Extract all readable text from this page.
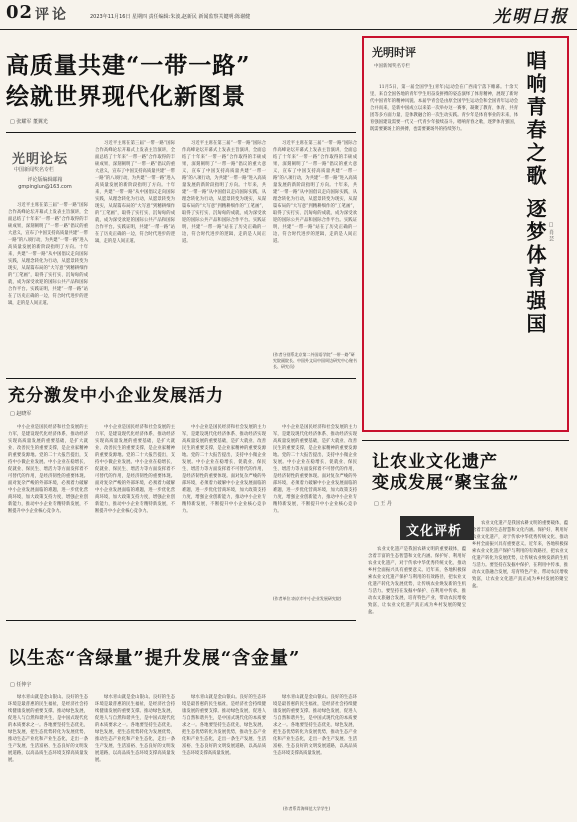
02 评论	2023年11月16日 星期四 责任编辑:朱波,赵新民 新闻监察关键明:陈谢健	光明日报
高质量共建“一带一路”
绘就世界现代化新图景
□ 张耀军 董翼光
光明论坛
中国新闻奖名专栏
评论版编辑邮箱
gmpinglun@163.com
习近平主席在第三届“一带一路”国际合作高峰论坛开幕式上发表主旨演讲，全面总结了十年来“一带一路”合作取得的丰硕成果，深刻阐明了“一带一路”倡议的重大意义，宣布了中国支持高质量共建“一带一路”的八项行动，为共建“一带一路”进入高质量发展的新阶段指明了方向。十年来，共建“一带一路”从中国倡议走向国际实践，从理念转化为行动，从愿景转变为现实，从谋篇布局的“大写意”到精耕细作的“工笔画”，取得了实打实、沉甸甸的成就，成为深受欢迎的国际公共产品和国际合作平台。实践证明，共建“一带一路”站在了历史正确的一边，符合时代进步的逻辑，走的是人间正道。
习近平主席在第三届“一带一路”国际合作高峰论坛开幕式上发表主旨演讲，全面总结了十年来“一带一路”合作取得的丰硕成果，深刻阐明了“一带一路”倡议的重大意义，宣布了中国支持高质量共建“一带一路”的八项行动，为共建“一带一路”进入高质量发展的新阶段指明了方向。十年来，共建“一带一路”从中国倡议走向国际实践，从理念转化为行动，从愿景转变为现实，从谋篇布局的“大写意”到精耕细作的“工笔画”，取得了实打实、沉甸甸的成就，成为深受欢迎的国际公共产品和国际合作平台。实践证明，共建“一带一路”站在了历史正确的一边，符合时代进步的逻辑，走的是人间正道。
习近平主席在第三届“一带一路”国际合作高峰论坛开幕式上发表主旨演讲，全面总结了十年来“一带一路”合作取得的丰硕成果，深刻阐明了“一带一路”倡议的重大意义，宣布了中国支持高质量共建“一带一路”的八项行动，为共建“一带一路”进入高质量发展的新阶段指明了方向。十年来，共建“一带一路”从中国倡议走向国际实践，从理念转化为行动，从愿景转变为现实，从谋篇布局的“大写意”到精耕细作的“工笔画”，取得了实打实、沉甸甸的成就，成为深受欢迎的国际公共产品和国际合作平台。实践证明，共建“一带一路”站在了历史正确的一边，符合时代进步的逻辑，走的是人间正道。
习近平主席在第三届“一带一路”国际合作高峰论坛开幕式上发表主旨演讲，全面总结了十年来“一带一路”合作取得的丰硕成果，深刻阐明了“一带一路”倡议的重大意义，宣布了中国支持高质量共建“一带一路”的八项行动，为共建“一带一路”进入高质量发展的新阶段指明了方向。十年来，共建“一带一路”从中国倡议走向国际实践，从理念转化为行动，从愿景转变为现实，从谋篇布局的“大写意”到精耕细作的“工笔画”，取得了实打实、沉甸甸的成就，成为深受欢迎的国际公共产品和国际合作平台。实践证明，共建“一带一路”站在了历史正确的一边，符合时代进步的逻辑，走的是人间正道。
(作者分别系北京第二外国语学院“一带一路”研究院副院长、中国外文局中国周边研究中心秘书长、研究员)
光明时评
中国新闻奖名专栏	唱响青春之歌 逐梦体育强国 □ 肖 芸
11月5日，第一届全国学生(青年)运动会在广西南宁落下帷幕。十余天里，来自全国各地的青年学生用奋发拼搏的姿态演绎了体育精神，展现了新时代中国青年的精神风貌。本届学青会是由原全国学生运动会和全国青年运动会合并而来，是新中国成立以来第一次举办这一赛事，凝聚了教育、体育、共青团等多方面力量，是体教融合的一次生动实践。青少年是体育事业的未来，体育强国建设需要一代又一代青少年接续奋斗。唱响青春之歌，逐梦体育强国，既需要赛场上的拼搏，也需要赛场外的持续努力。
充分激发中小企业发展活力
□ 赵晓军
中小企业是国民经济和社会发展的主力军，是建设现代化经济体系、推动经济实现高质量发展的重要基础，是扩大就业、改善民生的重要支撑，是企业家精神的重要发源地。党的二十大报告提出，支持中小微企业发展。中小企业在稳增长、促就业、保民生、增活力等方面发挥着不可替代的作用，是经济韧性的重要体现。面对复杂严峻的外部环境，必须着力破解中小企业发展面临的难题，进一步优化营商环境，加大政策支持力度，增强企业创新能力，推动中小企业专精特新发展，不断提升中小企业核心竞争力。
中小企业是国民经济和社会发展的主力军，是建设现代化经济体系、推动经济实现高质量发展的重要基础，是扩大就业、改善民生的重要支撑，是企业家精神的重要发源地。党的二十大报告提出，支持中小微企业发展。中小企业在稳增长、促就业、保民生、增活力等方面发挥着不可替代的作用，是经济韧性的重要体现。面对复杂严峻的外部环境，必须着力破解中小企业发展面临的难题，进一步优化营商环境，加大政策支持力度，增强企业创新能力，推动中小企业专精特新发展，不断提升中小企业核心竞争力。
中小企业是国民经济和社会发展的主力军，是建设现代化经济体系、推动经济实现高质量发展的重要基础，是扩大就业、改善民生的重要支撑，是企业家精神的重要发源地。党的二十大报告提出，支持中小微企业发展。中小企业在稳增长、促就业、保民生、增活力等方面发挥着不可替代的作用，是经济韧性的重要体现。面对复杂严峻的外部环境，必须着力破解中小企业发展面临的难题，进一步优化营商环境，加大政策支持力度，增强企业创新能力，推动中小企业专精特新发展，不断提升中小企业核心竞争力。
中小企业是国民经济和社会发展的主力军，是建设现代化经济体系、推动经济实现高质量发展的重要基础，是扩大就业、改善民生的重要支撑，是企业家精神的重要发源地。党的二十大报告提出，支持中小微企业发展。中小企业在稳增长、促就业、保民生、增活力等方面发挥着不可替代的作用，是经济韧性的重要体现。面对复杂严峻的外部环境，必须着力破解中小企业发展面临的难题，进一步优化营商环境，加大政策支持力度，增强企业创新能力，推动中小企业专精特新发展，不断提升中小企业核心竞争力。
(作者单位:南京市中小企业发展研究院)
让农业文化遗产
变成发展“聚宝盆”
□ 王 丹
文化评析
农业文化遗产是我国农耕文明的重要载体，蕴含着丰富的生态智慧和文化内涵。保护好、利用好农业文化遗产，对于传承中华优秀传统文化、推动乡村全面振兴具有重要意义。近年来，各地积极探索农业文化遗产保护与利用的有效路径，把农业文化遗产转化为发展优势，让传统农业焕发新的生机与活力。要坚持在发掘中保护、在利用中传承，推动农文旅融合发展，培育特色产业，带动农民增收致富，让农业文化遗产真正成为乡村发展的聚宝盆。
农业文化遗产是我国农耕文明的重要载体，蕴含着丰富的生态智慧和文化内涵。保护好、利用好农业文化遗产，对于传承中华优秀传统文化、推动乡村全面振兴具有重要意义。近年来，各地积极探索农业文化遗产保护与利用的有效路径，把农业文化遗产转化为发展优势，让传统农业焕发新的生机与活力。要坚持在发掘中保护、在利用中传承，推动农文旅融合发展，培育特色产业，带动农民增收致富，让农业文化遗产真正成为乡村发展的聚宝盆。
以生态“含绿量”提升发展“含金量”
□ 任仲宇
绿水青山就是金山银山。良好的生态环境是最普惠的民生福祉，是经济社会持续健康发展的重要支撑。推动绿色发展，促进人与自然和谐共生，是中国式现代化的本质要求之一。各地要坚持生态优先、绿色发展，把生态优势转化为发展优势，推动生态产业化和产业生态化，走出一条生产发展、生活富裕、生态良好的文明发展道路，以高品质生态环境支撑高质量发展。
绿水青山就是金山银山。良好的生态环境是最普惠的民生福祉，是经济社会持续健康发展的重要支撑。推动绿色发展，促进人与自然和谐共生，是中国式现代化的本质要求之一。各地要坚持生态优先、绿色发展，把生态优势转化为发展优势，推动生态产业化和产业生态化，走出一条生产发展、生活富裕、生态良好的文明发展道路，以高品质生态环境支撑高质量发展。
绿水青山就是金山银山。良好的生态环境是最普惠的民生福祉，是经济社会持续健康发展的重要支撑。推动绿色发展，促进人与自然和谐共生，是中国式现代化的本质要求之一。各地要坚持生态优先、绿色发展，把生态优势转化为发展优势，推动生态产业化和产业生态化，走出一条生产发展、生活富裕、生态良好的文明发展道路，以高品质生态环境支撑高质量发展。
绿水青山就是金山银山。良好的生态环境是最普惠的民生福祉，是经济社会持续健康发展的重要支撑。推动绿色发展，促进人与自然和谐共生，是中国式现代化的本质要求之一。各地要坚持生态优先、绿色发展，把生态优势转化为发展优势，推动生态产业化和产业生态化，走出一条生产发展、生活富裕、生态良好的文明发展道路，以高品质生态环境支撑高质量发展。
(作者系青海师范大学学生)
